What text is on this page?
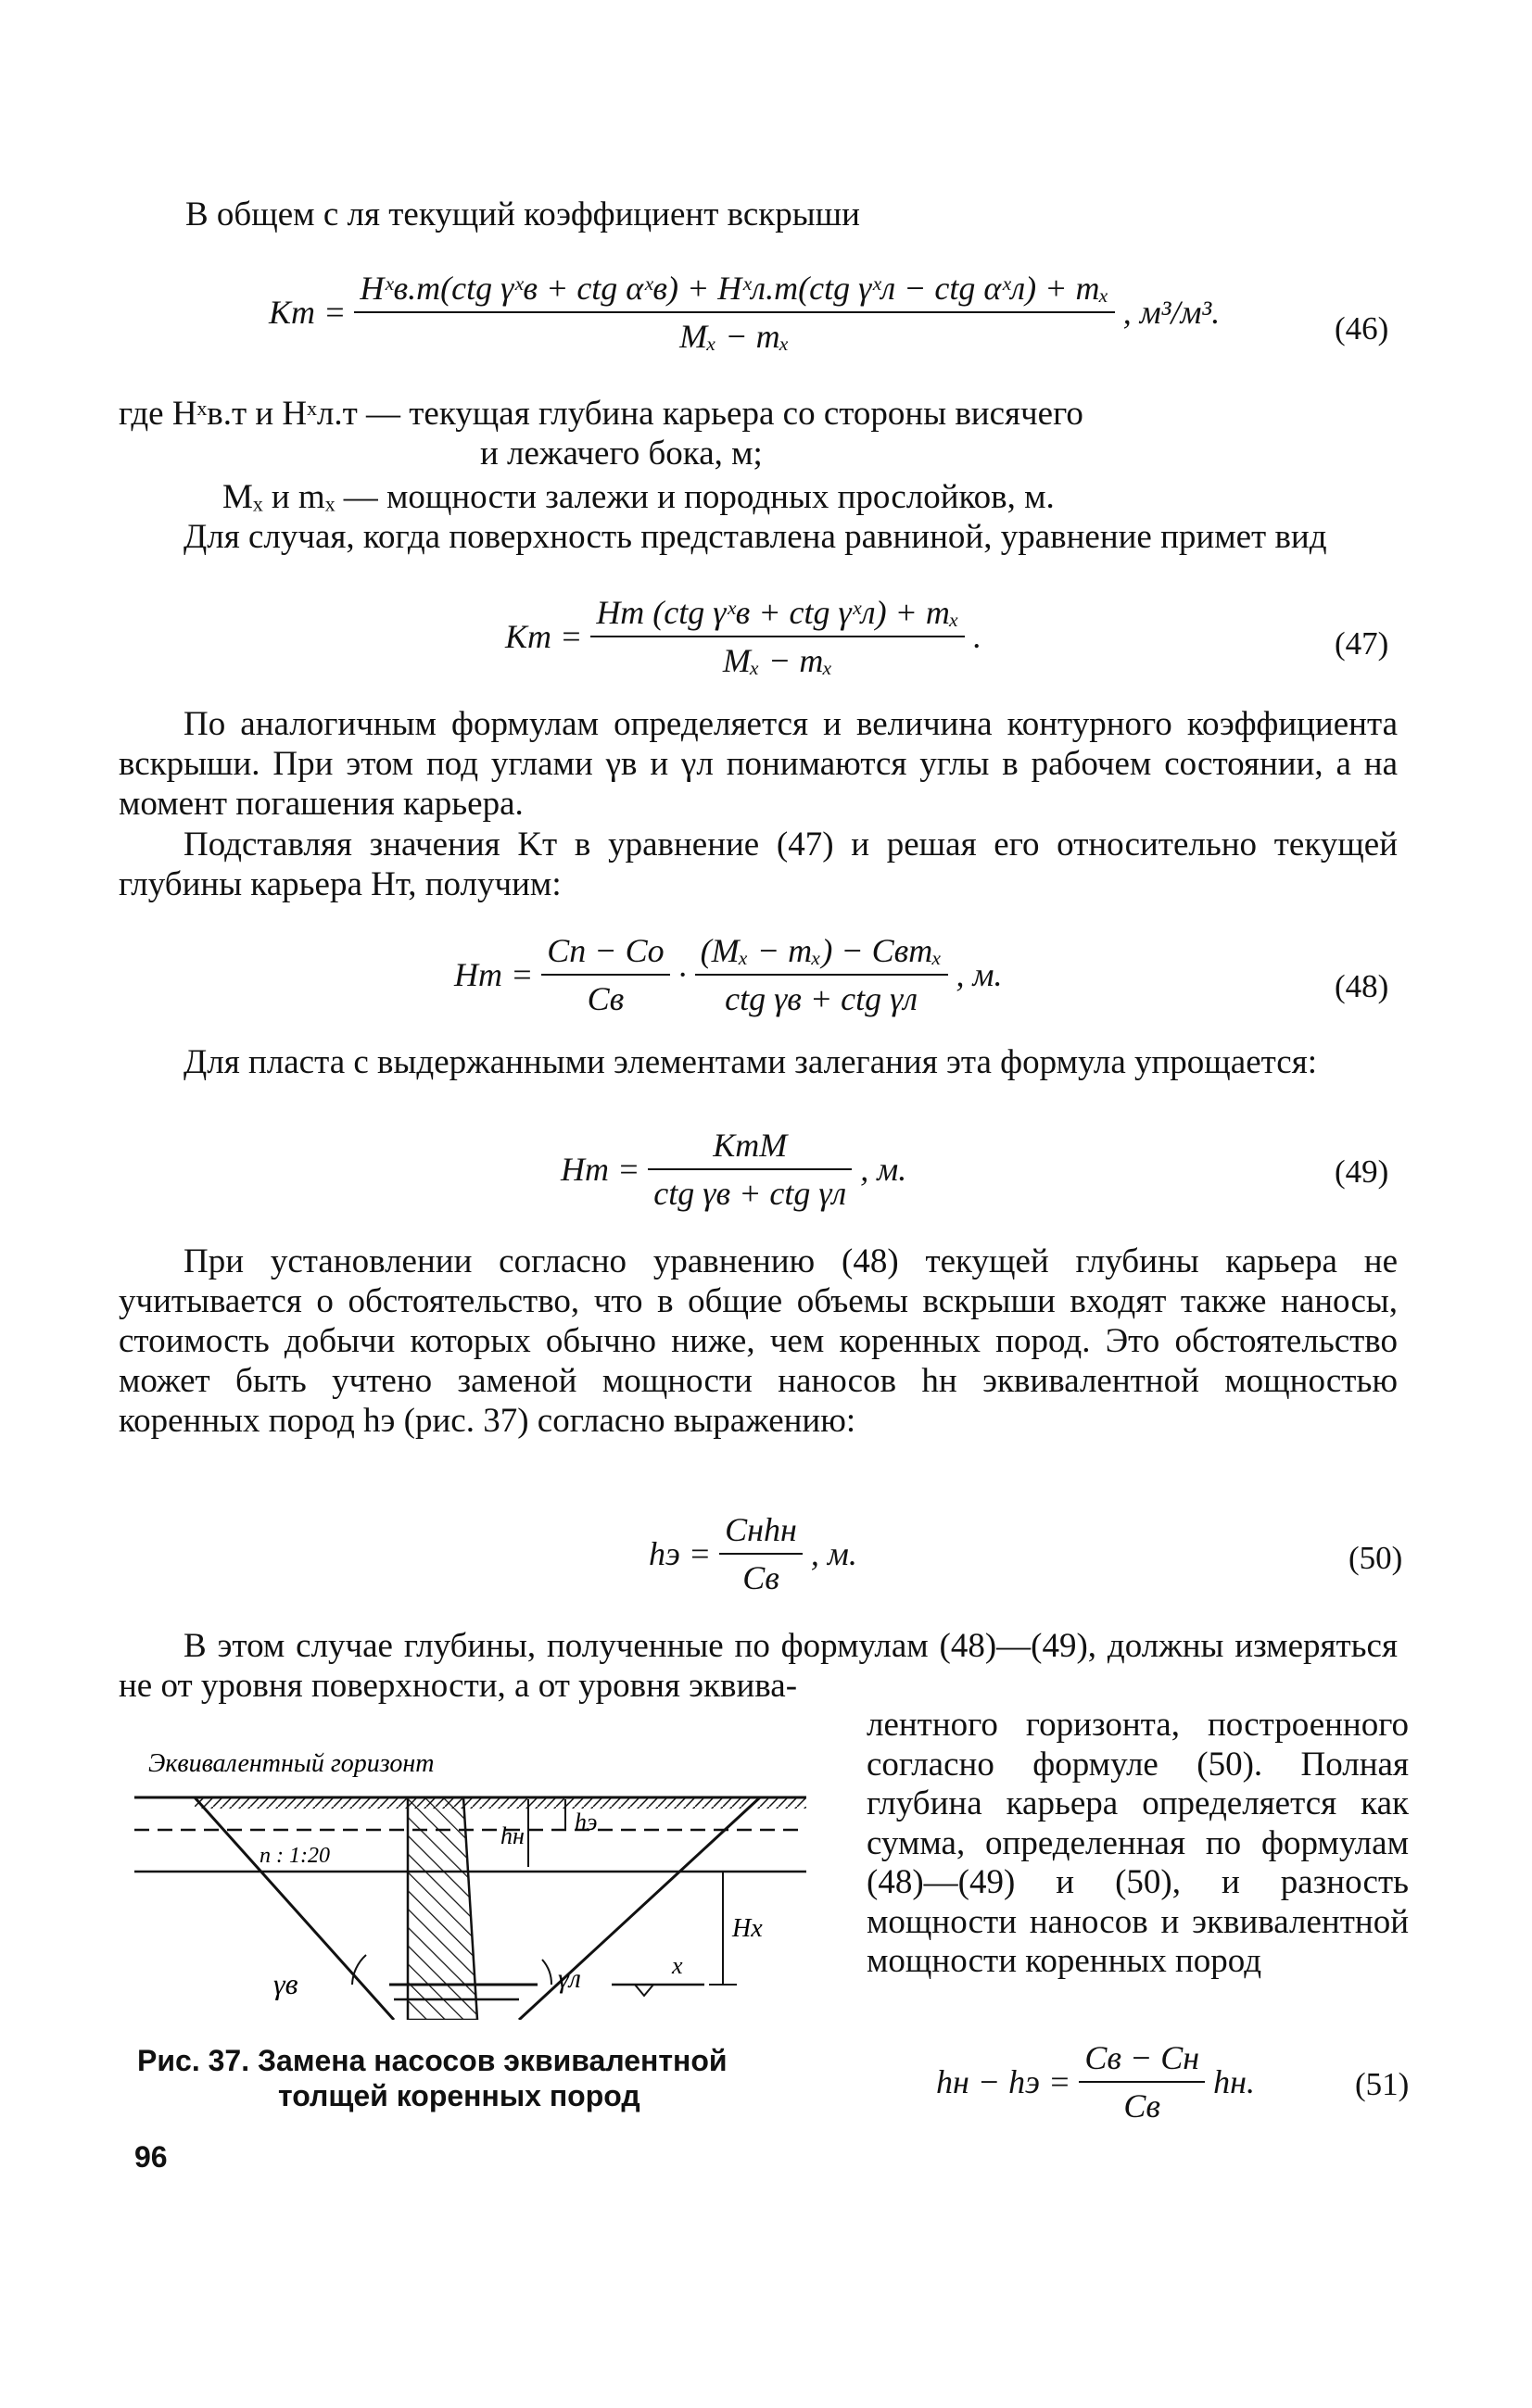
В общем с ля текущий коэффициент вскрыши
Kт = $\frac{\text{Hˣв.т(ctg γˣв + ctg αˣв) + Hˣл.т(ctg γˣл − ctg αˣл) + mₓ}}{\text{Mₓ − mₓ}}$ , м³/м³.	(46)
где Hˣв.т и Hˣл.т — текущая глубина карьера со стороны висячего
и лежачего бока, м;
Mₓ и mₓ — мощности залежи и породных прослойков, м.
Для случая, когда поверхность представлена равниной, уравнение примет вид
Kт = $\frac{\text{Hт (ctg γˣв + ctg γˣл) + mₓ}}{\text{Mₓ − mₓ}}$ .	(47)
По аналогичным формулам определяется и величина контурного коэффициента вскрыши. При этом под углами γв и γл понимаются углы в рабочем состоянии, а на момент погашения карьера.
Подставляя значения Kт в уравнение (47) и решая его относительно текущей глубины карьера Hт, получим:
Hт = $\frac{Cп - Cо}{Cв} \cdot \frac{\text{(Mₓ − mₓ) − Cвmₓ}}{\text{ctg γв + ctg γл}}$ , м.	(48)
Для пласта с выдержанными элементами залегания эта формула упрощается:
Hт = $\frac{\text{KтM}}{\text{ctg γв + ctg γл}}$ , м.	(49)
При установлении согласно уравнению (48) текущей глубины карьера не учитывается о обстоятельство, что в общие объемы вскрыши входят также наносы, стоимость добычи которых обычно ниже, чем коренных пород. Это обстоятельство может быть учтено заменой мощности наносов hн эквивалентной мощностью коренных пород hэ (рис. 37) согласно выражению:
hэ = $\frac{\text{Cнhн}}{Cв}$ , м.	(50)
В этом случае глубины, полученные по формулам (48)—(49), должны измеряться не от уровня поверхности, а от уровня эквива-
лентного горизонта, построенного согласно формуле (50). Полная глубина карьера определяется как сумма, определенная по формулам (48)—(49) и (50), и разность мощности наносов и эквивалентной мощности коренных пород
Эквивалентный горизонт
п : 1:20
hн
hэ
Hx
γв	γл	x
Рис. 37. Замена насосов эквивалентной
толщей коренных пород	hн − hэ = $\frac{Cв - Cн}{Cв}$ hн.	(51)
96
